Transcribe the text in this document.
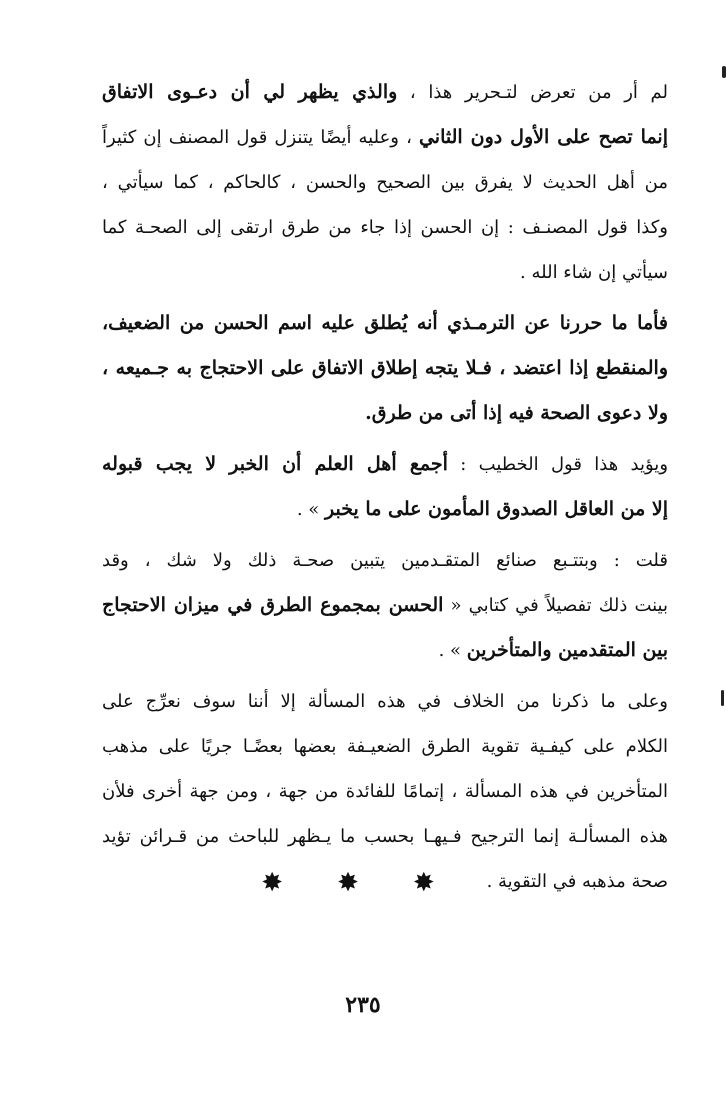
لم أر من تعرض لتـحرير هذا ، والذي يظهر لي أن دعـوى الاتفاق
إنما تصح على الأول دون الثاني ، وعليه أيضًا يتنزل قول المصنف إن كثيراً
من أهل الحديث لا يفرق بين الصحيح والحسن ، كالحاكم ، كما سيأتي ،
وكذا قول المصنـف : إن الحسن إذا جاء من طرق ارتقى إلى الصحـة كما
سيأتي إن شاء الله .
فأما ما حررنا عن الترمـذي أنه يُطلق عليه اسم الحسن من الضعيف،
والمنقطع إذا اعتضد ، فـلا يتجه إطلاق الاتفاق على الاحتجاج به جـميعه ،
ولا دعوى الصحة فيه إذا أتى من طرق.
ويؤيد هذا قول الخطيب : أجمع أهل العلم أن الخبر لا يجب قبوله
إلا من العاقل الصدوق المأمون على ما يخبر » .
قلت : وبتتـبع صنائع المتقـدمين يتبين صحـة ذلك ولا شك ، وقد
بينت ذلك تفصيلاً في كتابي « الحسن بمجموع الطرق في ميزان الاحتجاج
بين المتقدمين والمتأخرين » .
وعلى ما ذكرنا من الخلاف في هذه المسألة إلا أننا سوف نعرِّج على
الكلام على كيفـية تقوية الطرق الضعيـفة بعضها بعضًـا جريًا على مذهب
المتأخرين في هذه المسألة ، إتمامًا للفائدة من جهة ، ومن جهة أخرى فلأن
هذه المسألـة إنما الترجيح فـيهـا بحسب ما يـظهر للباحث من قـرائن تؤيد
صحة مذهبه في التقوية .
✸ ✸ ✸
٢٣٥
